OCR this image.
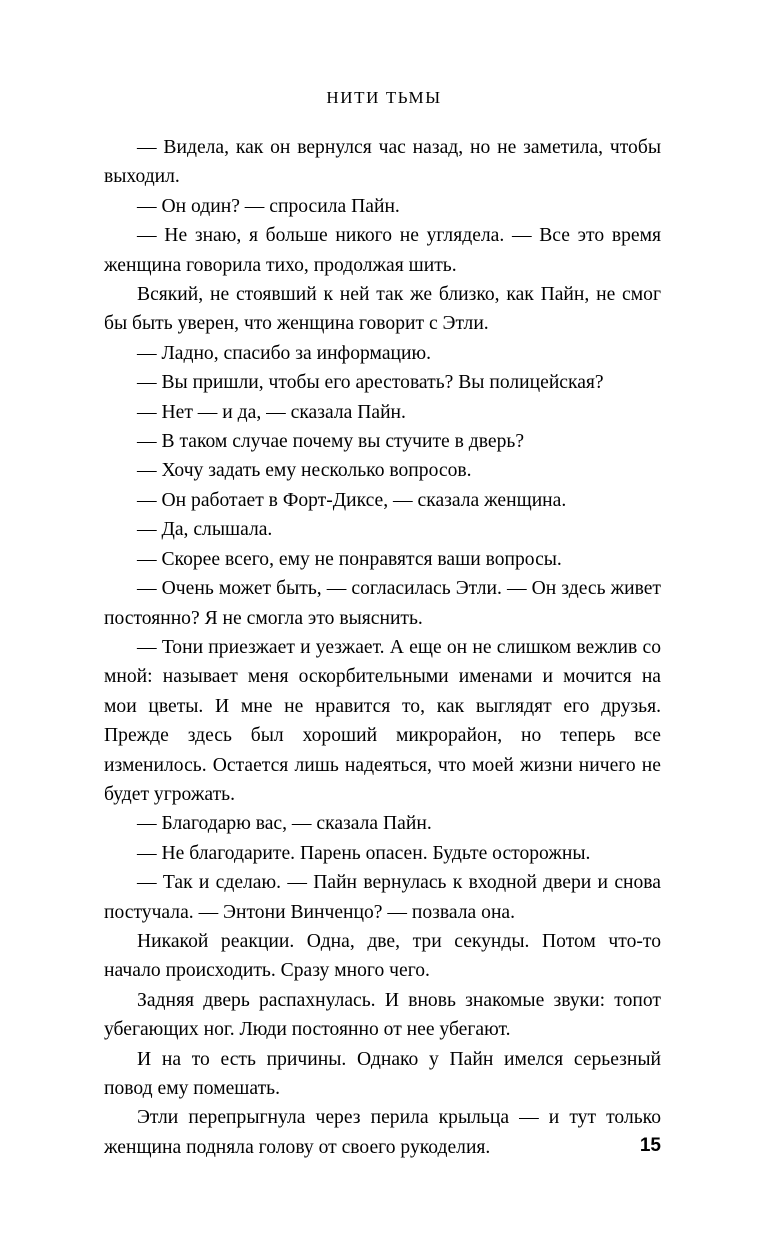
НИТИ ТЬМЫ

— Видела, как он вернулся час назад, но не заметила, чтобы выходил.

— Он один? — спросила Пайн.

— Не знаю, я больше никого не углядела. — Все это время женщина говорила тихо, продолжая шить.

Всякий, не стоявший к ней так же близко, как Пайн, не смог бы быть уверен, что женщина говорит с Этли.

— Ладно, спасибо за информацию.

— Вы пришли, чтобы его арестовать? Вы полицейская?

— Нет — и да, — сказала Пайн.

— В таком случае почему вы стучите в дверь?

— Хочу задать ему несколько вопросов.

— Он работает в Форт-Диксе, — сказала женщина.

— Да, слышала.

— Скорее всего, ему не понравятся ваши вопросы.

— Очень может быть, — согласилась Этли. — Он здесь живет постоянно? Я не смогла это выяснить.

— Тони приезжает и уезжает. А еще он не слишком вежлив со мной: называет меня оскорбительными именами и мочится на мои цветы. И мне не нравится то, как выглядят его друзья. Прежде здесь был хороший микрорайон, но теперь все изменилось. Остается лишь надеяться, что моей жизни ничего не будет угрожать.

— Благодарю вас, — сказала Пайн.

— Не благодарите. Парень опасен. Будьте осторожны.

— Так и сделаю. — Пайн вернулась к входной двери и снова постучала. — Энтони Винченцо? — позвала она.

Никакой реакции. Одна, две, три секунды. Потом что-то начало происходить. Сразу много чего.

Задняя дверь распахнулась. И вновь знакомые звуки: топот убегающих ног. Люди постоянно от нее убегают.

И на то есть причины. Однако у Пайн имелся серьезный повод ему помешать.

Этли перепрыгнула через перила крыльца — и тут только женщина подняла голову от своего рукоделия.	15
